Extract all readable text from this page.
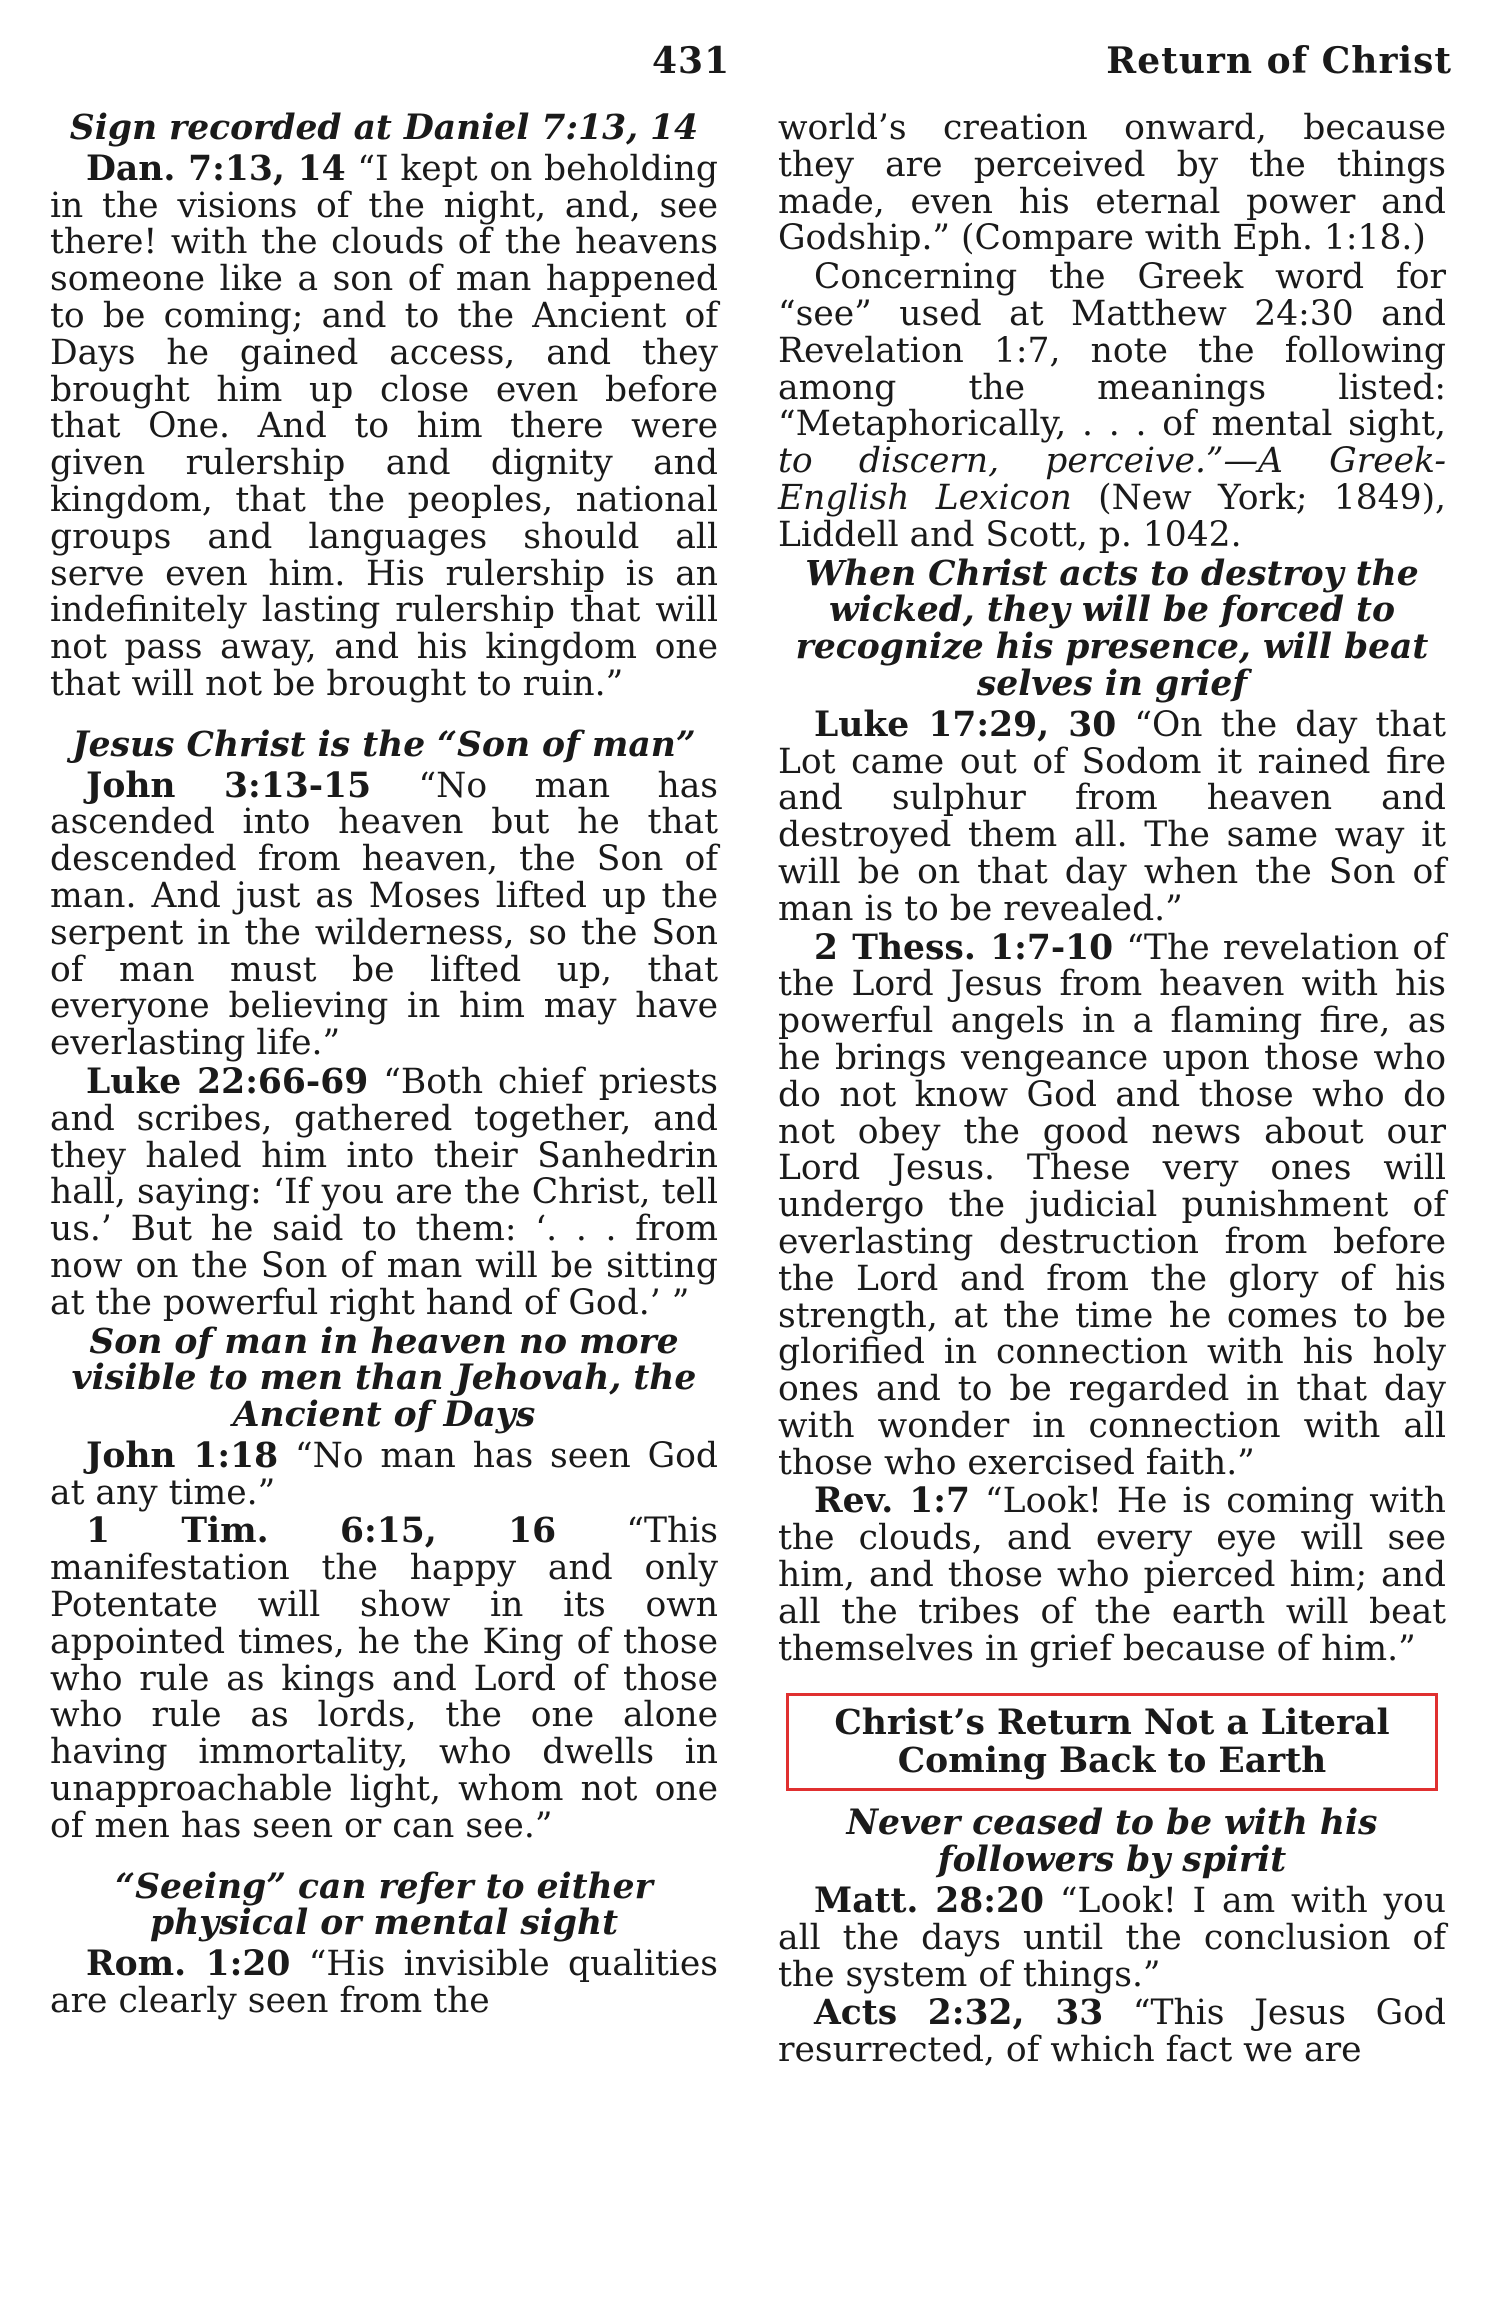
431	Return of Christ
Sign recorded at Daniel 7:13, 14

Dan. 7:13, 14 “I kept on beholding in the visions of the night, and, see there! with the clouds of the heavens someone like a son of man happened to be coming; and to the Ancient of Days he gained access, and they brought him up close even before that One. And to him there were given rulership and dignity and kingdom, that the peoples, national groups and languages should all serve even him. His rulership is an indefinitely lasting rulership that will not pass away, and his kingdom one that will not be brought to ruin.”

Jesus Christ is the “Son of man”

John 3:13-15 “No man has ascended into heaven but he that descended from heaven, the Son of man. And just as Moses lifted up the serpent in the wilderness, so the Son of man must be lifted up, that everyone believing in him may have everlasting life.”

Luke 22:66-69 “Both chief priests and scribes, gathered together, and they haled him into their Sanhedrin hall, saying: ‘If you are the Christ, tell us.’ But he said to them: ‘. . . from now on the Son of man will be sitting at the powerful right hand of God.’ ”

Son of man in heaven no more visible to men than Jehovah, the Ancient of Days

John 1:18 “No man has seen God at any time.”

1 Tim. 6:15, 16 “This manifestation the happy and only Potentate will show in its own appointed times, he the King of those who rule as kings and Lord of those who rule as lords, the one alone having immortality, who dwells in unapproachable light, whom not one of men has seen or can see.”

“Seeing” can refer to either physical or mental sight

Rom. 1:20 “His invisible qualities are clearly seen from the

world’s creation onward, because they are perceived by the things made, even his eternal power and Godship.” (Compare with Eph. 1:18.)

Concerning the Greek word for “see” used at Matthew 24:30 and Revelation 1:7, note the following among the meanings listed: “Metaphorically, . . . of mental sight, to discern, perceive.”—A Greek-English Lexicon (New York; 1849), Liddell and Scott, p. 1042.

When Christ acts to destroy the wicked, they will be forced to recognize his presence, will beat selves in grief

Luke 17:29, 30 “On the day that Lot came out of Sodom it rained fire and sulphur from heaven and destroyed them all. The same way it will be on that day when the Son of man is to be revealed.”

2 Thess. 1:7-10 “The revelation of the Lord Jesus from heaven with his powerful angels in a flaming fire, as he brings vengeance upon those who do not know God and those who do not obey the good news about our Lord Jesus. These very ones will undergo the judicial punishment of everlasting destruction from before the Lord and from the glory of his strength, at the time he comes to be glorified in connection with his holy ones and to be regarded in that day with wonder in connection with all those who exercised faith.”

Rev. 1:7 “Look! He is coming with the clouds, and every eye will see him, and those who pierced him; and all the tribes of the earth will beat themselves in grief because of him.”

Christ’s Return Not a Literal Coming Back to Earth
Never ceased to be with his followers by spirit

Matt. 28:20 “Look! I am with you all the days until the conclusion of the system of things.”

Acts 2:32, 33 “This Jesus God resurrected, of which fact we are
